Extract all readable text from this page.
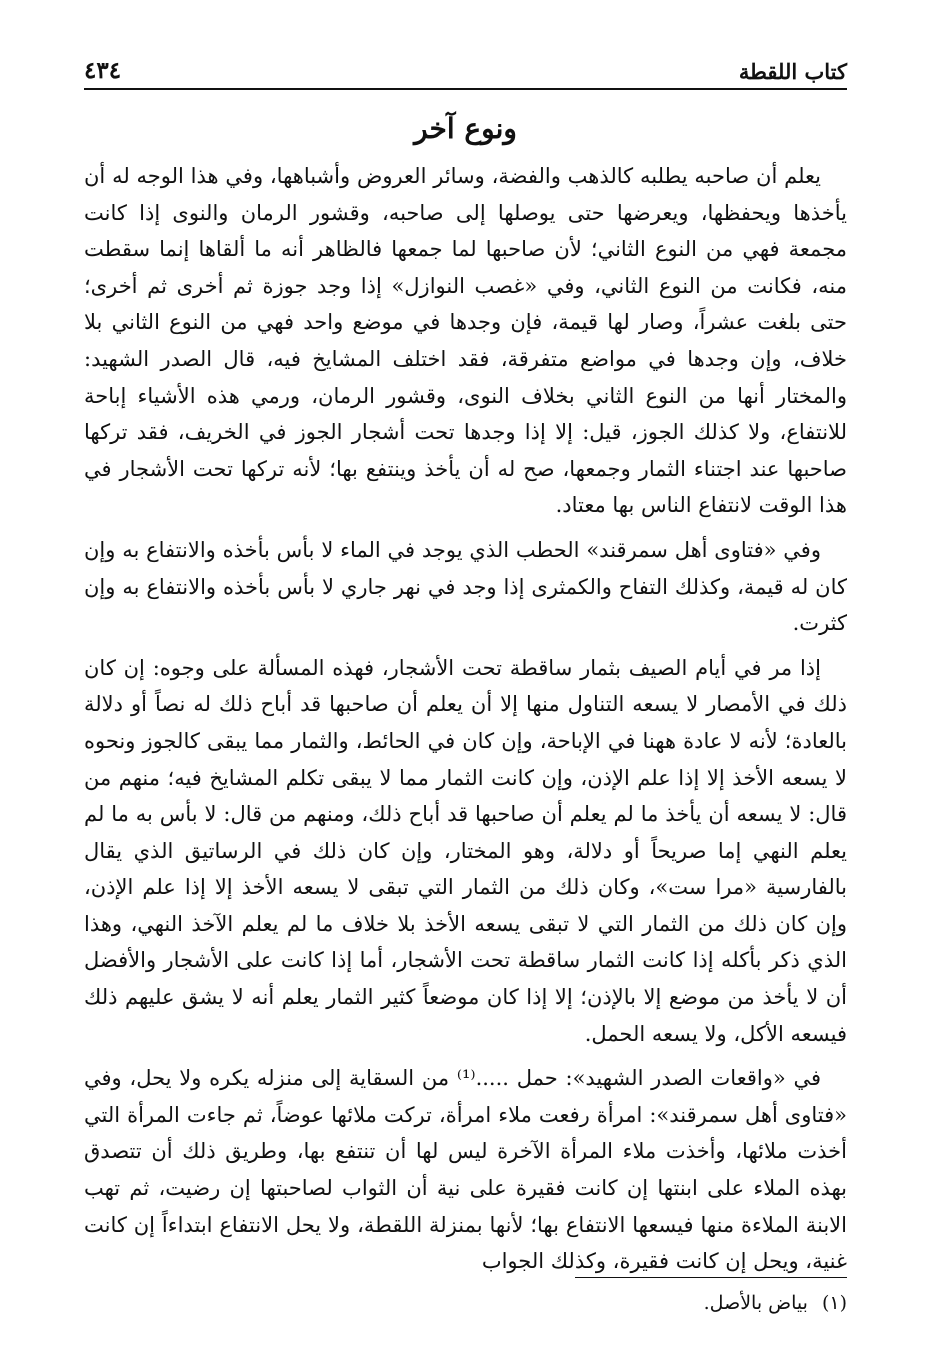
كتاب اللقطة
٤٣٤
ونوع آخر

يعلم أن صاحبه يطلبه كالذهب والفضة، وسائر العروض وأشباهها، وفي هذا الوجه له أن يأخذها ويحفظها، ويعرضها حتى يوصلها إلى صاحبه، وقشور الرمان والنوى إذا كانت مجمعة فهي من النوع الثاني؛ لأن صاحبها لما جمعها فالظاهر أنه ما ألقاها إنما سقطت منه، فكانت من النوع الثاني، وفي «غصب النوازل» إذا وجد جوزة ثم أخرى ثم أخرى؛ حتى بلغت عشراً، وصار لها قيمة، فإن وجدها في موضع واحد فهي من النوع الثاني بلا خلاف، وإن وجدها في مواضع متفرقة، فقد اختلف المشايخ فيه، قال الصدر الشهيد: والمختار أنها من النوع الثاني بخلاف النوى، وقشور الرمان، ورمي هذه الأشياء إباحة للانتفاع، ولا كذلك الجوز، قيل: إلا إذا وجدها تحت أشجار الجوز في الخريف، فقد تركها صاحبها عند اجتناء الثمار وجمعها، صح له أن يأخذ وينتفع بها؛ لأنه تركها تحت الأشجار في هذا الوقت لانتفاع الناس بها معتاد.

وفي «فتاوى أهل سمرقند» الحطب الذي يوجد في الماء لا بأس بأخذه والانتفاع به وإن كان له قيمة، وكذلك التفاح والكمثرى إذا وجد في نهر جاري لا بأس بأخذه والانتفاع به وإن كثرت.

إذا مر في أيام الصيف بثمار ساقطة تحت الأشجار، فهذه المسألة على وجوه: إن كان ذلك في الأمصار لا يسعه التناول منها إلا أن يعلم أن صاحبها قد أباح ذلك له نصاً أو دلالة بالعادة؛ لأنه لا عادة ههنا في الإباحة، وإن كان في الحائط، والثمار مما يبقى كالجوز ونحوه لا يسعه الأخذ إلا إذا علم الإذن، وإن كانت الثمار مما لا يبقى تكلم المشايخ فيه؛ منهم من قال: لا يسعه أن يأخذ ما لم يعلم أن صاحبها قد أباح ذلك، ومنهم من قال: لا بأس به ما لم يعلم النهي إما صريحاً أو دلالة، وهو المختار، وإن كان ذلك في الرساتيق الذي يقال بالفارسية «مرا ست»، وكان ذلك من الثمار التي تبقى لا يسعه الأخذ إلا إذا علم الإذن، وإن كان ذلك من الثمار التي لا تبقى يسعه الأخذ بلا خلاف ما لم يعلم الآخذ النهي، وهذا الذي ذكر بأكله إذا كانت الثمار ساقطة تحت الأشجار، أما إذا كانت على الأشجار والأفضل أن لا يأخذ من موضع إلا بالإذن؛ إلا إذا كان موضعاً كثير الثمار يعلم أنه لا يشق عليهم ذلك فيسعه الأكل، ولا يسعه الحمل.

في «واقعات الصدر الشهيد»: حمل .....⁽¹⁾ من السقاية إلى منزله يكره ولا يحل، وفي «فتاوى أهل سمرقند»: امرأة رفعت ملاء امرأة، تركت ملائها عوضاً، ثم جاءت المرأة التي أخذت ملائها، وأخذت ملاء المرأة الآخرة ليس لها أن تنتفع بها، وطريق ذلك أن تتصدق بهذه الملاء على ابنتها إن كانت فقيرة على نية أن الثواب لصاحبتها إن رضيت، ثم تهب الابنة الملاءة منها فيسعها الانتفاع بها؛ لأنها بمنزلة اللقطة، ولا يحل الانتفاع ابتداءاً إن كانت غنية، ويحل إن كانت فقيرة، وكذلك الجواب

(١)
بياض بالأصل.
